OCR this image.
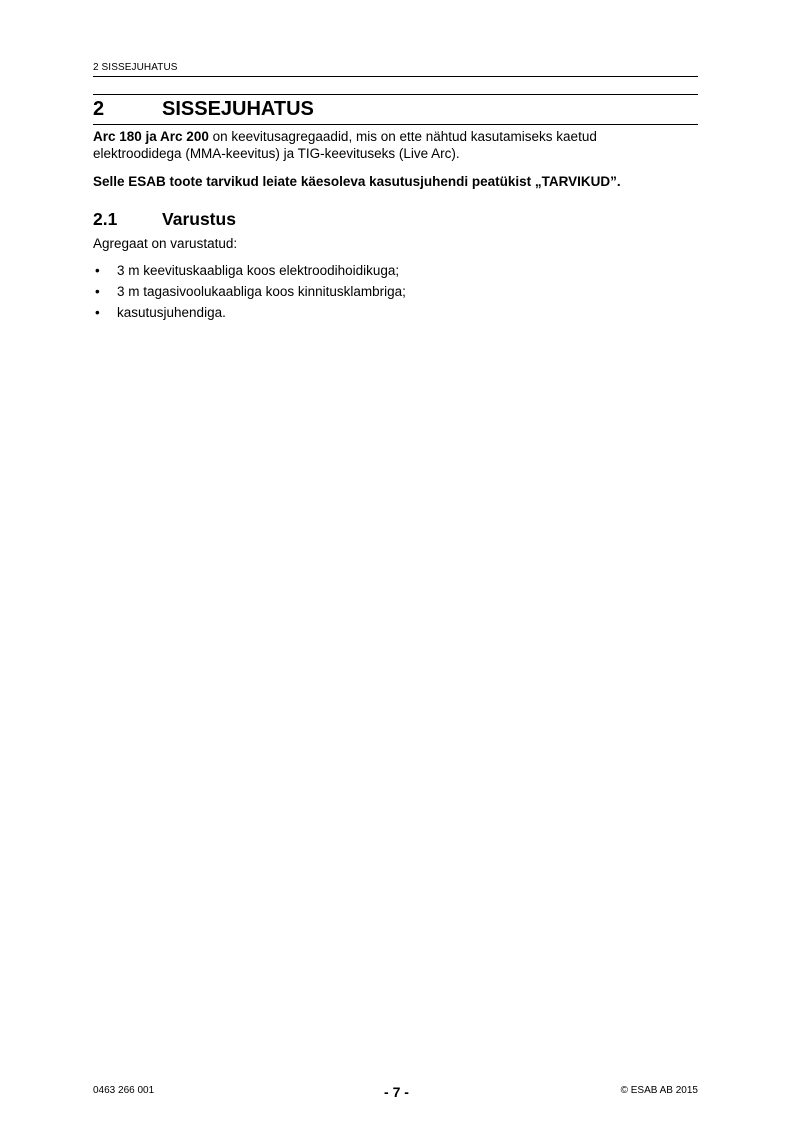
2 SISSEJUHATUS
2	SISSEJUHATUS
Arc 180 ja Arc 200 on keevitusagregaadid, mis on ette nähtud kasutamiseks kaetud
elektroodidega (MMA-keevitus) ja TIG-keevituseks (Live Arc).
Selle ESAB toote tarvikud leiate käesoleva kasutusjuhendi peatükist „TARVIKUD”.
2.1	Varustus
Agregaat on varustatud:
• 3 m keevituskaabliga koos elektroodihoidikuga;
• 3 m tagasivoolukaabliga koos kinnitusklambriga;
• kasutusjuhendiga.
0463 266 001	- 7 -	© ESAB AB 2015
